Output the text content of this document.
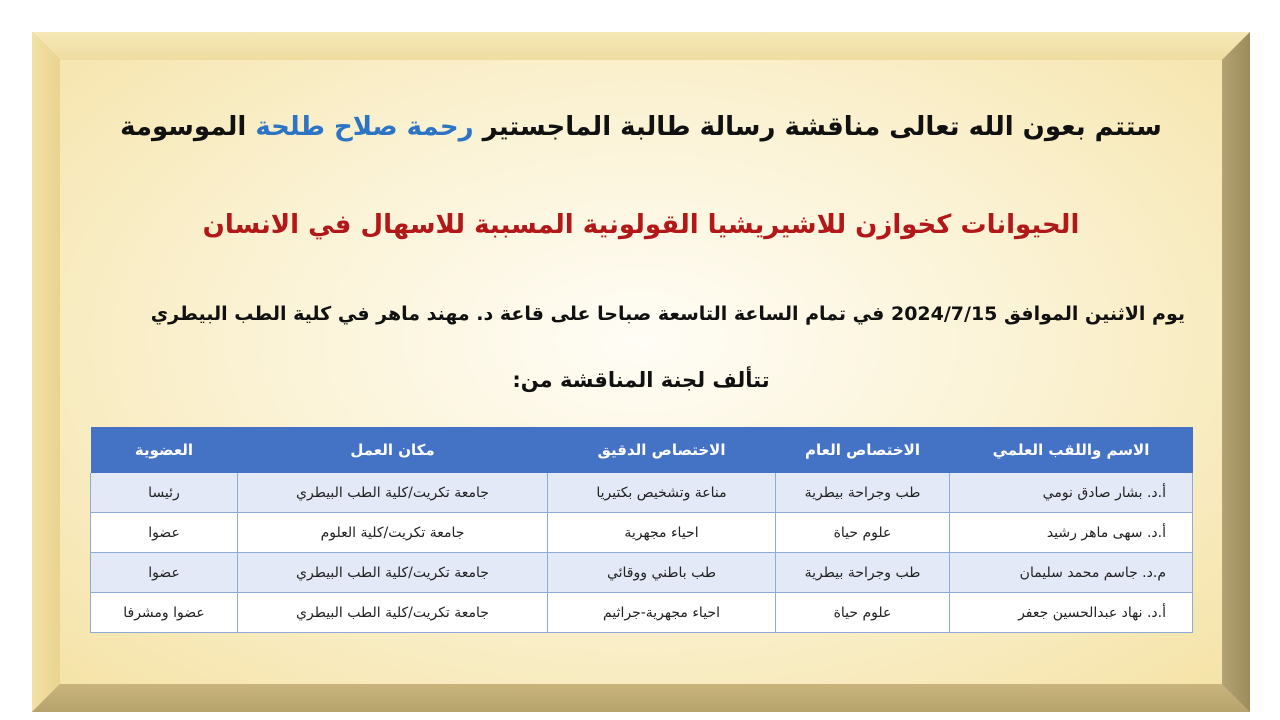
ستتم بعون الله تعالى مناقشة رسالة طالبة الماجستير رحمة صلاح طلحة الموسومة
الحيوانات كخوازن للاشيريشيا القولونية المسببة للاسهال في الانسان
يوم الاثنين الموافق 2024/7/15 في تمام الساعة التاسعة صباحا على قاعة د. مهند ماهر في كلية الطب البيطري
تتألف لجنة المناقشة من:
الاسم واللقب العلمي	الاختصاص العام	الاختصاص الدقيق	مكان العمل	العضوية
أ.د. بشار صادق نومي	طب وجراحة بيطرية	مناعة وتشخيص بكتيريا	جامعة تكريت/كلية الطب البيطري	رئيسا
أ.د. سهى ماهر رشيد	علوم حياة	احياء مجهرية	جامعة تكريت/كلية العلوم	عضوا
م.د. جاسم محمد سليمان	طب وجراحة بيطرية	طب باطني ووقائي	جامعة تكريت/كلية الطب البيطري	عضوا
أ.د. نهاد عبدالحسين جعفر	علوم حياة	احياء مجهرية-جراثيم	جامعة تكريت/كلية الطب البيطري	عضوا ومشرفا
